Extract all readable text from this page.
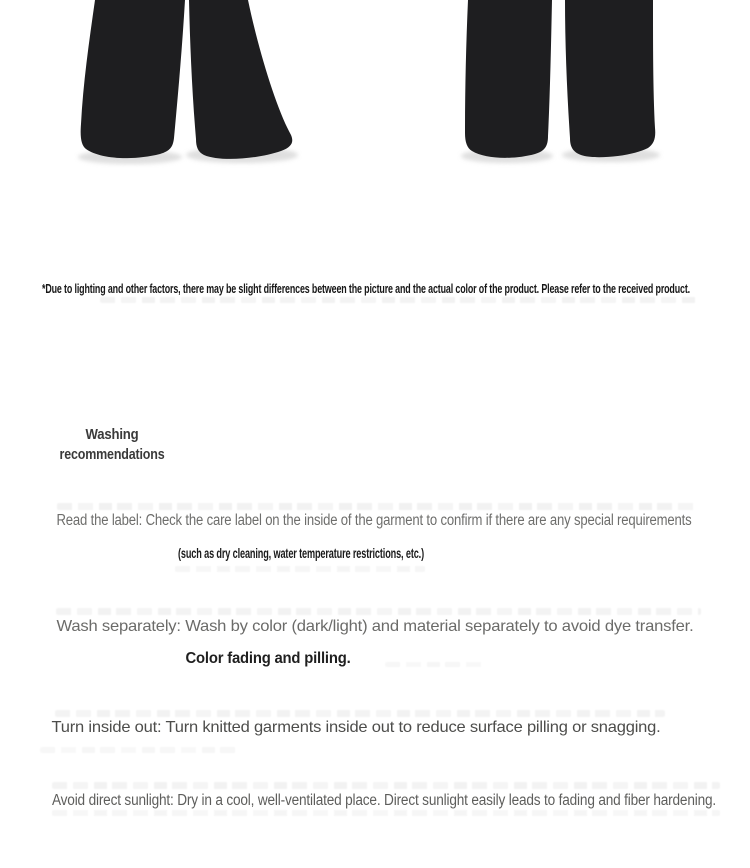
*Due to lighting and other factors, there may be slight differences between the picture and the actual color of the product. Please refer to the received product.
Washing
recommendations
Read the label: Check the care label on the inside of the garment to confirm if there are any special requirements
(such as dry cleaning, water temperature restrictions, etc.)
Wash separately: Wash by color (dark/light) and material separately to avoid dye transfer.
Color fading and pilling.
Turn inside out: Turn knitted garments inside out to reduce surface pilling or snagging.
Avoid direct sunlight: Dry in a cool, well-ventilated place. Direct sunlight easily leads to fading and fiber hardening.
